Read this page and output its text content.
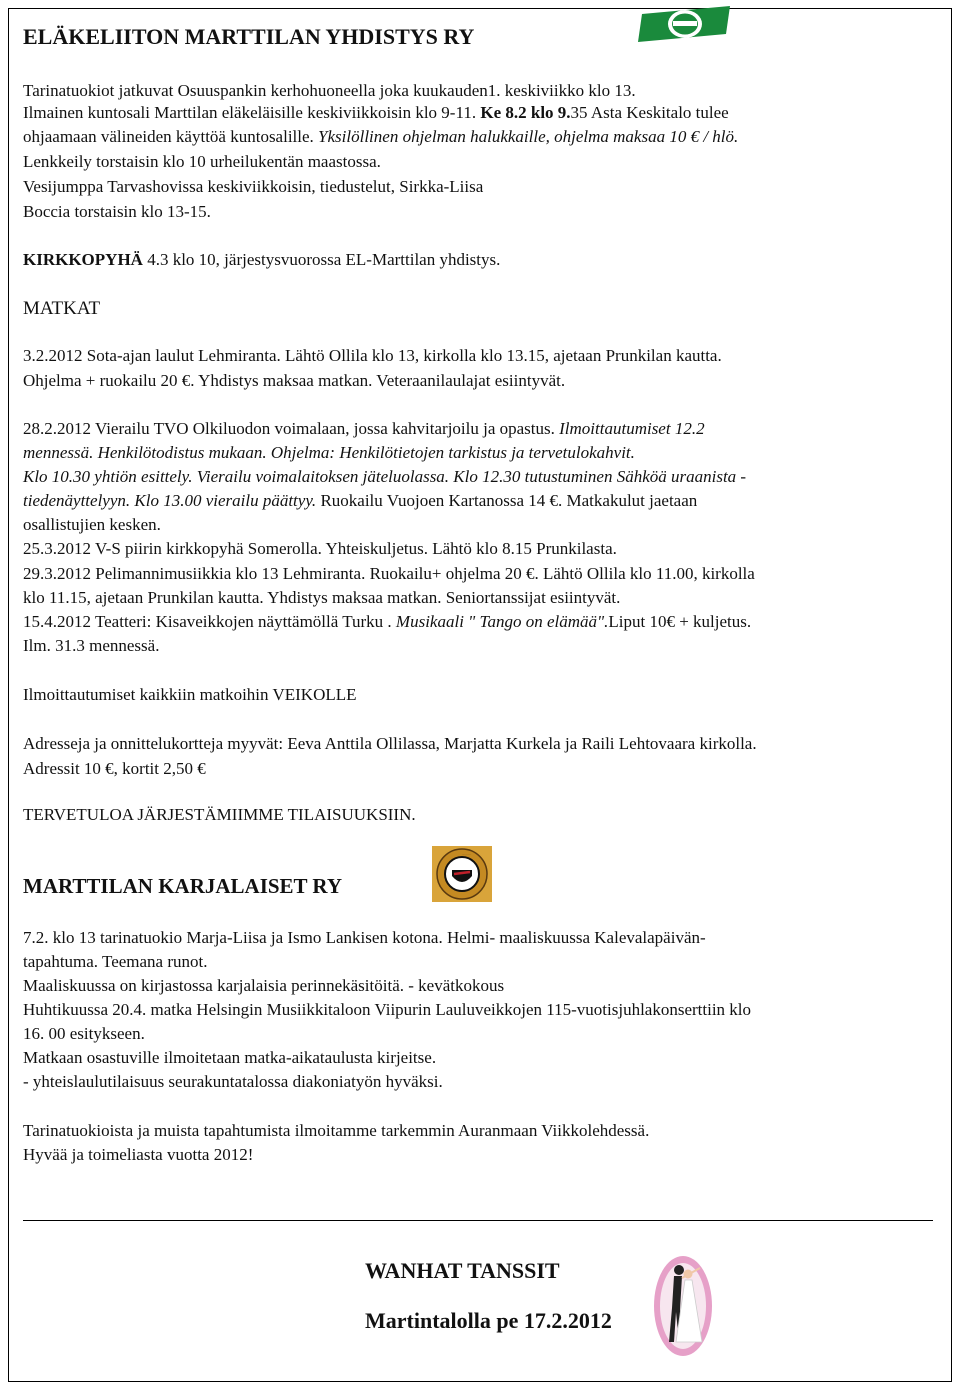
ELÄKELIITON MARTTILAN YHDISTYS RY	EL
Tarinatuokiot jatkuvat Osuuspankin kerhohuoneella joka kuukauden1. keskiviikko klo 13.
Ilmainen kuntosali Marttilan eläkeläisille keskiviikkoisin klo 9-11. Ke 8.2 klo 9.35 Asta Keskitalo tulee
ohjaamaan välineiden käyttöä kuntosalille. Yksilöllinen ohjelman halukkaille, ohjelma maksaa 10 € / hlö.
Lenkkeily torstaisin klo 10 urheilukentän maastossa.
Vesijumppa Tarvashovissa keskiviikkoisin, tiedustelut, Sirkka-Liisa
Boccia torstaisin klo 13-15.
KIRKKOPYHÄ 4.3 klo 10, järjestysvuorossa EL-Marttilan yhdistys.
MATKAT
3.2.2012 Sota-ajan laulut Lehmiranta. Lähtö Ollila klo 13, kirkolla klo 13.15, ajetaan Prunkilan kautta.
Ohjelma + ruokailu 20 €. Yhdistys maksaa matkan. Veteraanilaulajat esiintyvät.
28.2.2012 Vierailu TVO Olkiluodon voimalaan, jossa kahvitarjoilu ja opastus. Ilmoittautumiset 12.2
mennessä. Henkilötodistus mukaan. Ohjelma: Henkilötietojen tarkistus ja tervetulokahvit.
Klo 10.30 yhtiön esittely. Vierailu voimalaitoksen jäteluolassa. Klo 12.30 tutustuminen Sähköä uraanista -
tiedenäyttelyyn. Klo 13.00 vierailu päättyy. Ruokailu Vuojoen Kartanossa 14 €. Matkakulut jaetaan
osallistujien kesken.
25.3.2012 V-S piirin kirkkopyhä Somerolla. Yhteiskuljetus. Lähtö klo 8.15 Prunkilasta.
29.3.2012 Pelimannimusiikkia klo 13 Lehmiranta. Ruokailu+ ohjelma 20 €. Lähtö Ollila klo 11.00, kirkolla
klo 11.15, ajetaan Prunkilan kautta. Yhdistys maksaa matkan. Seniortanssijat esiintyvät.
15.4.2012 Teatteri: Kisaveikkojen näyttämöllä Turku . Musikaali " Tango on elämää".Liput 10€ + kuljetus.
Ilm. 31.3 mennessä.
Ilmoittautumiset kaikkiin matkoihin VEIKOLLE
Adresseja ja onnittelukortteja myyvät: Eeva Anttila Ollilassa, Marjatta Kurkela ja Raili Lehtovaara kirkolla.
Adressit 10 €, kortit 2,50 €
TERVETULOA JÄRJESTÄMIIMME TILAISUUKSIIN.
MARTTILAN KARJALAISET RY
KARJALAN LIITTO
7.2. klo 13 tarinatuokio Marja-Liisa ja Ismo Lankisen kotona. Helmi- maaliskuussa Kalevalapäivän-
tapahtuma. Teemana runot.
Maaliskuussa on kirjastossa karjalaisia perinnekäsitöitä. - kevätkokous
Huhtikuussa 20.4. matka Helsingin Musiikkitaloon Viipurin Lauluveikkojen 115-vuotisjuhlakonserttiin klo
16. 00 esitykseen.
Matkaan osastuville ilmoitetaan matka-aikataulusta kirjeitse.
- yhteislaulutilaisuus seurakuntatalossa diakoniatyön hyväksi.
Tarinatuokioista ja muista tapahtumista ilmoitamme tarkemmin Auranmaan Viikkolehdessä.
Hyvää ja toimeliasta vuotta 2012!
WANHAT TANSSIT
Martintalolla pe 17.2.2012
